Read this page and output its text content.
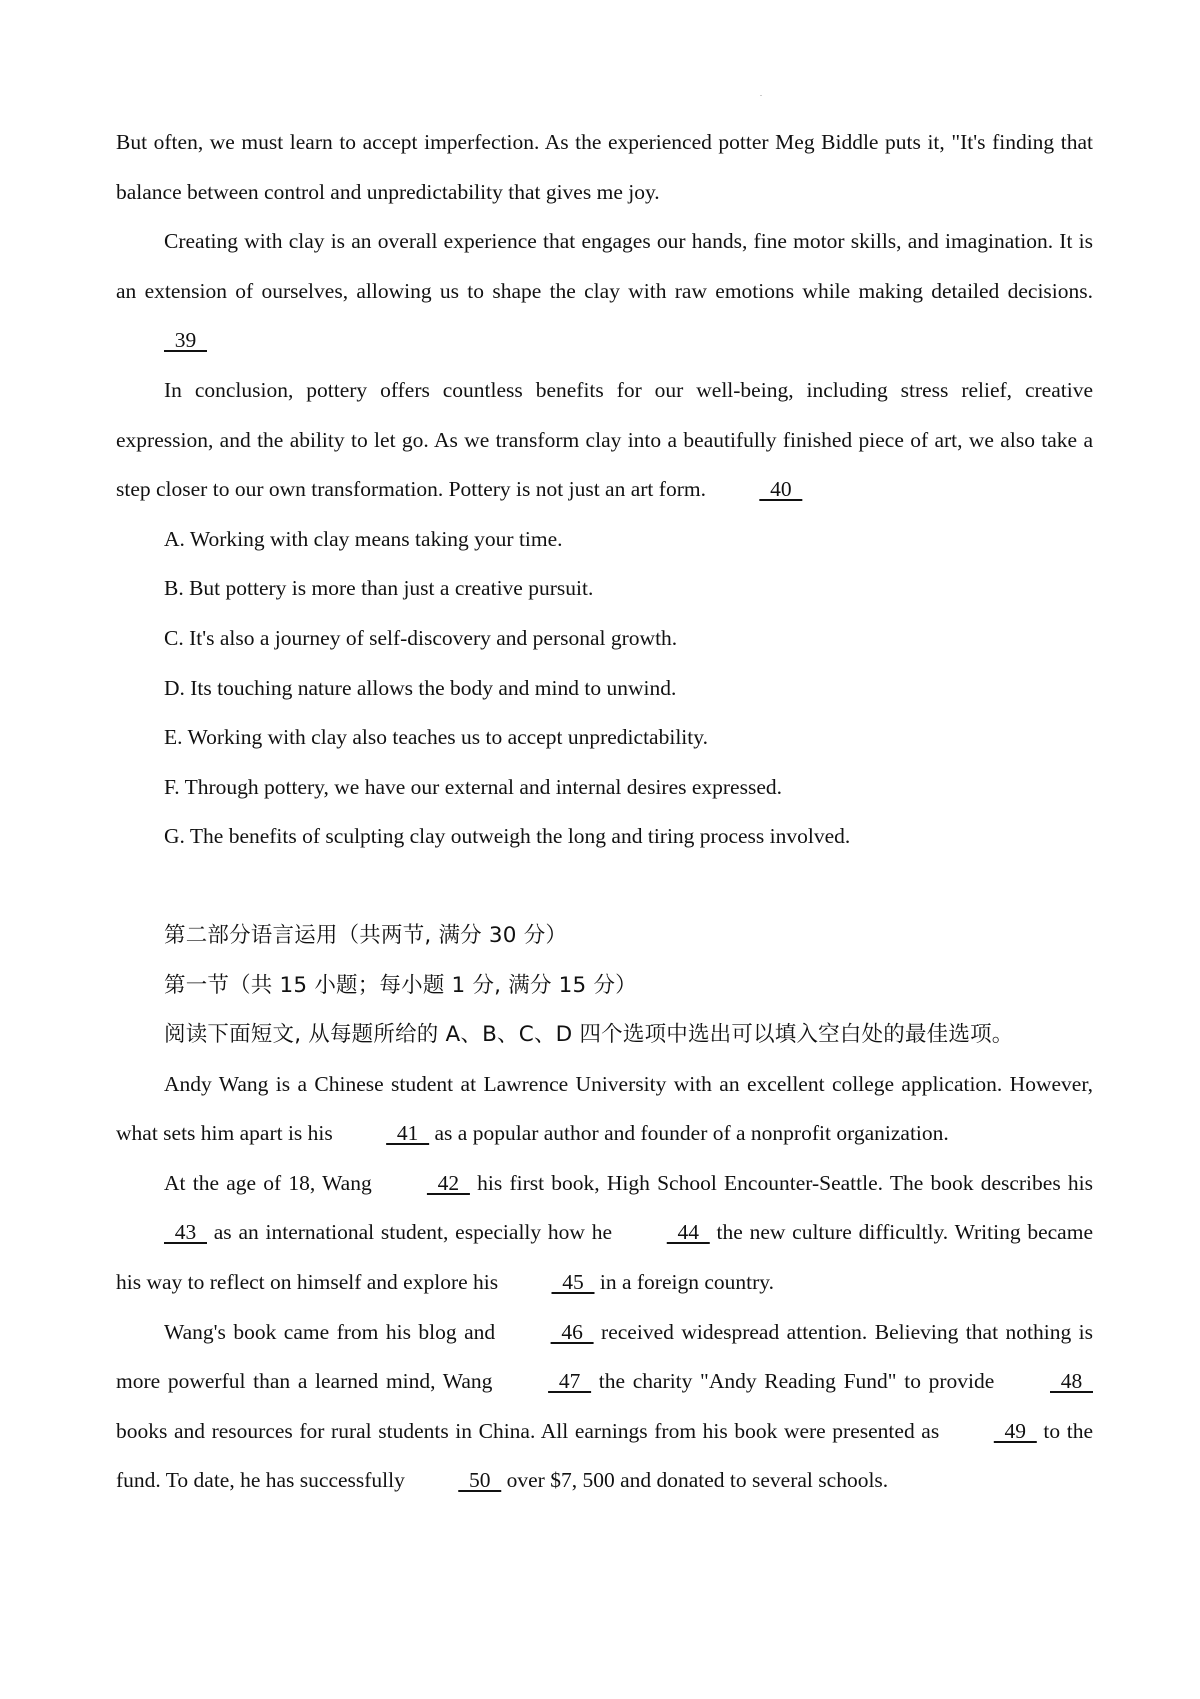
But often, we must learn to accept imperfection. As the experienced potter Meg Biddle puts it, "It's finding that balance between control and unpredictability that gives me joy.

Creating with clay is an overall experience that engages our hands, fine motor skills, and imagination. It is an extension of ourselves, allowing us to shape the clay with raw emotions while making detailed decisions.   39

In conclusion, pottery offers countless benefits for our well-being, including stress relief, creative expression, and the ability to let go. As we transform clay into a beautifully finished piece of art, we also take a step closer to our own transformation. Pottery is not just an art form.   40

A. Working with clay means taking your time.

B. But pottery is more than just a creative pursuit.

C. It's also a journey of self-discovery and personal growth.

D. Its touching nature allows the body and mind to unwind.

E. Working with clay also teaches us to accept unpredictability.

F. Through pottery, we have our external and internal desires expressed.

G. The benefits of sculpting clay outweigh the long and tiring process involved.

第二部分语言运用（共两节, 满分 30 分）

第一节（共 15 小题；每小题 1 分, 满分 15 分）

阅读下面短文, 从每题所给的 A、B、C、D 四个选项中选出可以填入空白处的最佳选项。

Andy Wang is a Chinese student at Lawrence University with an excellent college application. However, what sets him apart is his   41   as a popular author and founder of a nonprofit organization.

At the age of 18, Wang   42   his first book, High School Encounter-Seattle. The book describes his   43   as an international student, especially how he   44   the new culture difficultly. Writing became his way to reflect on himself and explore his   45   in a foreign country.

Wang's book came from his blog and   46   received widespread attention. Believing that nothing is more powerful than a learned mind, Wang   47   the charity "Andy Reading Fund" to provide   48   books and resources for rural students in China. All earnings from his book were presented as   49   to the fund. To date, he has successfully   50   over $7, 500 and donated to several schools.
